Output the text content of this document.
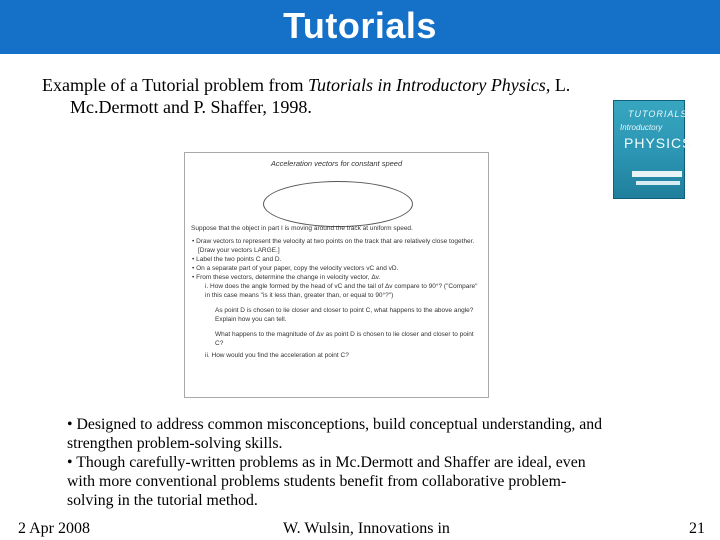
Tutorials
Example of a Tutorial problem from Tutorials in Introductory Physics, L.
Mc.Dermott and P. Shaffer, 1998.	TUTORIALS
Introductory
PHYSICS
Acceleration vectors for constant speed

Suppose that the object in part I is moving around the track at uniform speed.

• Draw vectors to represent the velocity at two points on the track that are relatively close together. [Draw your vectors LARGE.]

• Label the two points C and D.

• On a separate part of your paper, copy the velocity vectors vC and vD.

• From these vectors, determine the change in velocity vector, Δv.

i. How does the angle formed by the head of vC and the tail of Δv compare to 90°? ("Compare" in this case means "is it less than, greater than, or equal to 90°?")

As point D is chosen to lie closer and closer to point C, what happens to the above angle? Explain how you can tell.

What happens to the magnitude of Δv as point D is chosen to lie closer and closer to point C?

ii. How would you find the acceleration at point C?

• Designed to address common misconceptions, build conceptual understanding, and

strengthen problem-solving skills.

• Though carefully-written problems as in Mc.Dermott and Shaffer are ideal, even

with more conventional problems students benefit from collaborative problem-

solving in the tutorial method.

2 Apr 2008	W. Wulsin, Innovations in	21
